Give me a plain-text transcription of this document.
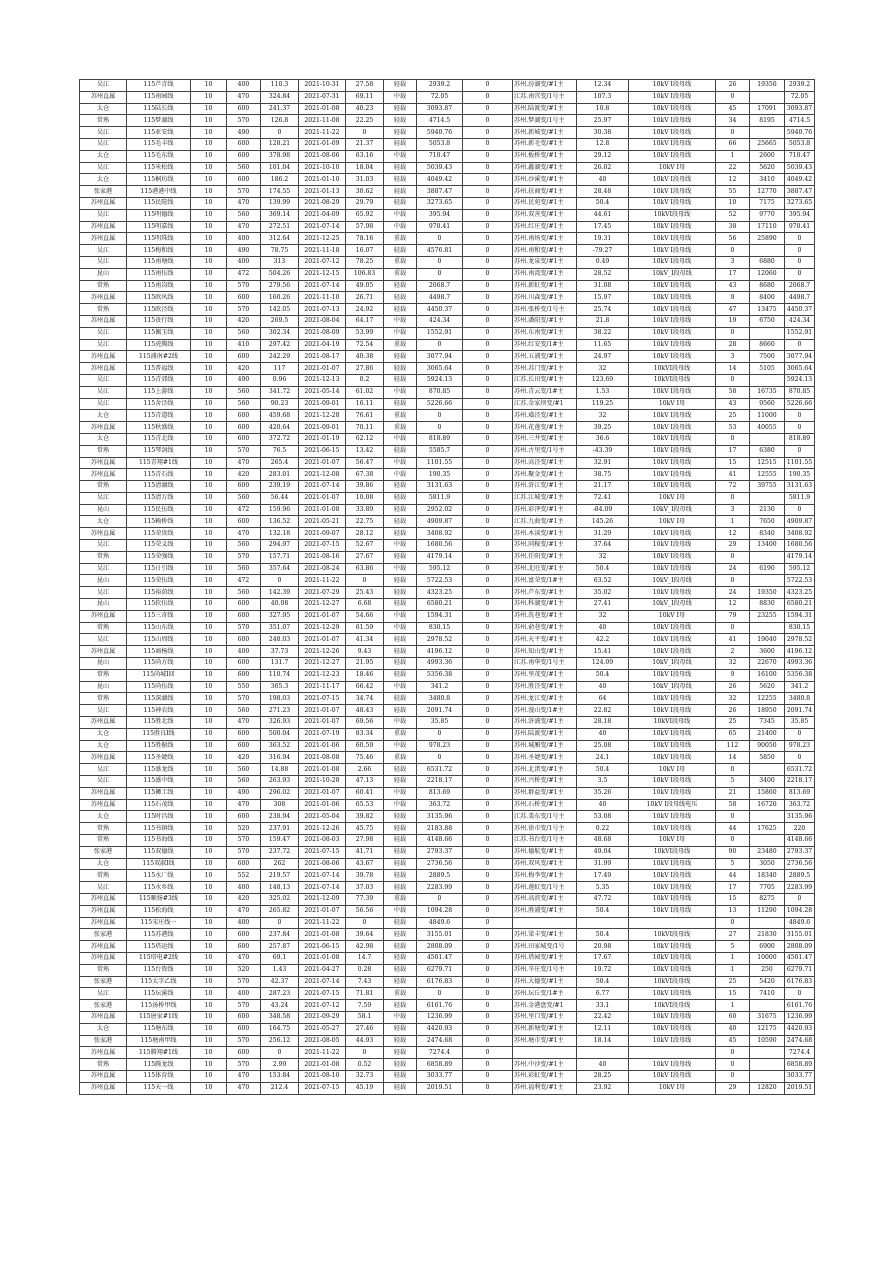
吴江	115芦青线	10	400	110.3	2021-10-31	27.58	轻载	2939.2	0	苏州.汾湖变/#1主	12.34	10kV Ⅰ段母线	26	19350	2939.2
苏州直属	115南园线	10	470	324.84	2021-07-31	69.11	中载	72.05	0	江苏.南宫变/1号主	107.3	10kV Ⅰ段母线	0		72.05
太仓	115陆长线	10	600	241.37	2021-01-08	40.23	轻载	3093.87	0	苏州.陆渡变/#1主	10.8	10kV Ⅰ段母线	45	17091	3093.87
常熟	115梦湖线	10	570	126.8	2021-11-08	22.25	轻载	4714.5	0	苏州.梦湖变/1号主	25.97	10kV Ⅰ段母线	34	8195	4714.5
吴江	115亚安线	10	490	0	2021-11-22	0	轻载	5940.76	0	苏州.新城变/#1主	30.38	10kV Ⅰ段母线	0		5940.76
吴江	115毛丰线	10	600	128.21	2021-01-09	21.37	轻载	5053.8	0	苏州.新毛变/#1主	12.8	10kV Ⅰ段母线	66	25665	5053.8
太仓	115毛东线	10	600	378.98	2021-08-06	63.16	中载	710.47	0	苏州.板桥变/#1主	29.12	10kV Ⅰ段母线	1	2600	710.47
吴江	115米松线	10	560	101.04	2021-10-10	18.04	轻载	5039.43	0	苏州.蠡湖变/#1主	26.02	10kV Ⅰ母	22	5620	5039.43
太仓	115桐坊线	10	600	186.2	2021-01-10	31.03	轻载	4049.42	0	苏州.沙溪变/#1主	40	10kV Ⅰ段母线	12	3410	4049.42
张家港	115港港中线	10	570	174.55	2021-01-13	30.62	轻载	3887.47	0	苏州.扶商变/#1主	28.48	10kV Ⅰ段母线	55	12770	3887.47
苏州直属	115民院线	10	470	139.99	2021-08-29	29.79	轻载	3273.65	0	苏州.民苑变/#1主	50.4	10kV Ⅰ段母线	10	7175	3273.65
吴江	115明德线	10	560	369.14	2021-04-09	65.92	中载	395.94	0	苏州.双善变/#1主	44.61	10kVⅠ段母线	52	9770	395.94
苏州直属	115明嘉线	10	470	272.51	2021-07-14	57.98	中载	978.41	0	苏州.红庄变/#1主	17.45	10kV Ⅰ段母线	38	17110	978.41
苏州直属	115明珠线	10	400	312.64	2021-12-25	78.16	重载	0	0	苏州.南场变/#1主	19.31	10kV Ⅰ段母线	56	25890	0
吴江	115梅和线	10	490	78.75	2021-11-18	16.07	轻载	4576.81	0	苏州.南和变/#1主	-79.27	10kV Ⅰ段母线	0		0
吴江	115南塘线	10	400	313	2021-07-12	78.25	重载	0	0	苏州.龙泉变/#1主	0.49	10kV Ⅰ段母线	3	6880	0
昆山	115南伍线	10	472	504.26	2021-12-15	106.83	重载	0	0	苏州.南湾变/#1主	28.52	10kV_Ⅰ段母线	17	12060	0
常熟	115南岗线	10	570	279.56	2021-07-14	49.05	轻载	2068.7	0	苏州.新虹变/#1主	31.08	10kV Ⅰ段母线	43	8680	2068.7
苏州直属	115欧风线	10	600	160.26	2021-11-10	26.71	轻载	4498.7	0	苏州.川森变/#1主	15.97	10kV Ⅰ段母线	9	8400	4498.7
常熟	115欧泾线	10	570	142.05	2021-07-13	24.92	轻载	4450.37	0	苏州.张桥变/1号主	25.74	10kV Ⅰ段母线	47	13475	4450.37
苏州直属	115贵行线	10	420	269.5	2021-08-04	64.17	中载	424.34	0	苏州.潘阳变/#1主	21.8	10kV Ⅰ段母线	19	6750	424.34
吴江	115佩玉线	10	560	302.34	2021-08-09	53.99	中载	1552.91	0	苏州.东南变/#1主	38.22	10kV Ⅰ段母线	0		1552.91
吴江	115虎腾线	10	410	297.42	2021-04-19	72.54	重载	0	0	苏州.红安变/1#主	11.65	10kV Ⅰ段母线	28	8660	0
苏州直属	115浦南#2线	10	600	242.29	2021-08-17	40.38	轻载	3077.94	0	苏州.五浦变/#1主	24.97	10kV Ⅰ段母线	3	7500	3077.94
苏州直属	115普福线	10	420	117	2021-01-07	27.86	轻载	3065.64	0	苏州.苏门变/#1主	32	10kVⅠ段母线	14	5105	3065.64
吴江	115青郊线	10	490	0.96	2021-12-13	0.2	轻载	5924.13	0	江苏.长田变/#1主	123.69	10kVⅠ段母线	0		5924.13
吴江	115上游线	10	560	341.72	2021-05-14	61.02	中载	870.85	0	苏州.青云变/1#主	1.53	10kV Ⅰ段母线	58	16735	870.85
吴江	115舍泾线	10	560	90.23	2021-09-01	16.11	轻载	5226.66	0	江苏.金家坝变/#1	119.25	10kV Ⅰ母	43	9560	5226.66
太仓	115青道线	10	600	459.68	2021-12-28	76.61	重载	0	0	苏州.璜泾变/#1主	32	10kV Ⅰ段母线	25	11000	0
苏州直属	115秋盛线	10	600	420.64	2021-09-01	70.11	重载	0	0	苏州.花莲变/#1主	39.25	10kV Ⅰ段母线	53	40055	0
太仓	115青北线	10	600	372.72	2021-01-19	62.12	中载	818.89	0	苏州.三井变/#1主	36.6	10kV Ⅰ段母线	0		818.89
常熟	115琴剑线	10	570	76.5	2021-06-15	13.42	轻载	5585.7	0	苏州.古里变/1号主	-43.39	10kV Ⅰ段母线	17	6380	0
苏州直属	115青翔#1线	10	470	265.4	2021-01-07	56.47	中载	1101.55	0	苏州.高泾变/#1主	32.91	10kV Ⅰ段母线	15	12515	1101.55
苏州直属	115青石线	10	420	283.01	2021-12-08	67.38	中载	190.35	0	苏州.聚金变/#1主	38.75	10kV Ⅰ段母线	41	12555	190.35
常熟	115清湖线	10	600	239.19	2021-07-14	39.86	轻载	3131.63	0	苏州.浒江变/#1主	21.17	10kV Ⅰ段母线	72	39755	3131.63
吴江	115清万线	10	560	56.44	2021-01-07	10.08	轻载	5811.9	0	江苏.江城变/#1主	72.41	10kV Ⅰ母	0		5811.9
昆山	115民伍线	10	472	159.96	2021-01-08	33.89	轻载	2952.02	0	苏州.彩泽变/#1主	-84.09	10kV_Ⅰ段母线	3	2130	0
太仓	115赖桥线	10	600	136.52	2021-05-21	22.75	轻载	4909.87	0	江苏.九曲变/#1主	145.26	10kV Ⅰ母	1	7650	4909.87
苏州直属	115荣贵线	10	470	132.18	2021-09-07	28.12	轻载	3408.92	0	苏州.木渎变/#1主	31.29	10kV Ⅰ段母线	12	8340	3408.92
吴江	115荣义线	10	560	294.97	2021-07-15	52.67	中载	1680.56	0	苏州.同稼变/#1主	37.64	10kV Ⅰ段母线	29	13400	1680.56
常熟	115荣强线	10	570	157.71	2021-08-16	27.67	轻载	4179.14	0	苏州.任阳变/#1主	32	10kV Ⅰ段母线	0		4179.14
吴江	115日引线	10	560	357.64	2021-08-24	63.86	中载	595.12	0	苏州.北旺变/#1主	50.4	10kV Ⅰ段母线	24	6190	595.12
昆山	115荣伍线	10	472	0	2021-11-22	0	轻载	5722.53	0	苏州.富荣变/1#主	63.52	10kV_Ⅰ段母线	0		5722.53
吴江	115裕荫线	10	560	142.39	2021-07-29	25.43	轻载	4323.25	0	苏州.芦东变/#1主	35.02	10kV Ⅰ段母线	24	19350	4323.25
昆山	115软伍线	10	600	40.08	2021-12-27	6.68	轻载	6580.21	0	苏州.科湖变/#1主	27.41	10kV_Ⅰ段母线	12	8830	6580.21
苏州直属	115三奇线	10	600	327.95	2021-01-07	54.66	中载	1594.31	0	苏州.洗巷变/#1主	32	10kV Ⅰ母	79	23255	1594.31
常熟	115山东线	10	570	351.07	2021-12-29	61.59	中载	830.15	0	苏州.俞巷变/#1主	40	10kV Ⅰ段母线	0		830.15
吴江	115山周线	10	600	248.03	2021-01-07	41.34	轻载	2978.52	0	苏州.天平变/#1主	42.2	10kV Ⅰ段母线	41	19040	2978.52
苏州直属	115商杨线	10	400	37.73	2021-12-26	9.43	轻载	4196.12	0	苏州.知山变/#1主	15.41	10kV Ⅰ段母线	2	3600	4196.12
昆山	115尚方线	10	600	131.7	2021-12-27	21.95	轻载	4993.36	0	江苏.南华变/1号主	124.09	10kV_Ⅰ段母线	32	22670	4993.36
常熟	115尚城Ⅰ回	10	600	110.74	2021-12-23	18.46	轻载	5356.38	0	苏州.里茂变/#1主	50.4	10kV Ⅰ段母线	9	16100	5356.38
昆山	115尚伍线	10	550	365.3	2021-11-17	66.42	中载	341.2	0	苏州.胜泾变/#1主	40	10kV_Ⅰ段母线	26	5620	341.2
常熟	115深湖线	10	570	198.03	2021-07-15	34.74	轻载	3480.8	0	苏州.龙江变/#1主	64	10kV Ⅰ段母线	32	12255	3480.8
吴江	115神农线	10	560	271.23	2021-01-07	48.43	轻载	2091.74	0	苏州.漫山变/1#主	22.82	10kV Ⅰ段母线	26	18950	2091.74
苏州直属	115胜北线	10	470	326.93	2021-01-07	69.56	中载	35.85	0	苏州.浒浦变/#1主	28.18	10kVⅠ段母线	25	7345	35.85
太仓	115胜良Ⅰ线	10	600	500.04	2021-07-19	83.34	重载	0	0	苏州.陆渡变/#1主	40	10kV Ⅰ段母线	65	21400	0
太仓	115胜振线	10	600	363.52	2021-01-06	60.59	中载	978.23	0	苏州.城厢变/#1主	25.08	10kV Ⅰ段母线	112	90050	978.23
苏州直属	115圣婕线	10	420	316.94	2021-08-08	75.46	重载	0	0	苏州.圣婕变/#1主	24.1	10kV Ⅰ段母线	14	5850	0
吴江	115盛龙线	10	560	14.88	2021-01-08	2.66	轻载	6531.72	0	苏州.北渚变/#1主	50.4	10kV Ⅰ母	0		6531.72
吴江	115盛中线	10	560	263.93	2021-10-28	47.13	轻载	2218.17	0	苏州.兴桥变/#1主	3.5	10kV Ⅰ段母线	5	3400	2218.17
苏州直属	115狮工线	10	490	296.02	2021-01-07	60.41	中载	813.69	0	苏州.群益变/#1主	35.26	10kV Ⅰ段母线	21	15860	813.69
苏州直属	115石茂线	10	470	308	2021-01-06	65.53	中载	363.72	0	苏州.石桥变/#1主	40	10kV Ⅰ段母线电压	58	16720	363.72
太仓	115时昌线	10	600	238.94	2021-05-04	39.82	轻载	3135.96	0	江苏.娄东变/1号主	53.08	10kV Ⅰ段母线	0		3135.96
常熟	115书镇线	10	520	237.91	2021-12-26	45.75	轻载	2183.88	0	苏州.徐市变/1号主	0.22	10kV Ⅰ段母线	44	17625	220
常熟	115书海线	10	570	159.47	2021-08-03	27.98	轻载	4148.66	0	江苏.书台变/1号主	48.68	10kV Ⅰ母	0		4148.66
张家港	115双德线	10	570	237.72	2021-07-15	41.71	轻载	2793.37	0	苏州.德航变/#1主	49.04	10kVⅠ段母线	90	23480	2793.37
太仓	115双淑Ⅰ线	10	600	262	2021-08-06	43.67	轻载	2736.56	0	苏州.双风变/#1主	31.99	10kV Ⅰ段母线	5	3050	2736.56
常熟	115水厂线	10	552	219.57	2021-07-14	39.78	轻载	2889.5	0	苏州.梅李变/#1主	17.49	10kV Ⅰ段母线	44	18340	2889.5
吴江	115水乡线	10	400	148.13	2021-07-14	37.03	轻载	2283.99	0	苏州.莲虹变/1号主	5.35	10kV Ⅰ段母线	17	7705	2283.99
苏州直属	115顺扬#3线	10	420	325.02	2021-12-09	77.39	重载	0	0	苏州.高滨变/#1主	47.72	10kV Ⅰ段母线	15	8275	0
苏州直属	115松海线	10	470	265.82	2021-01-07	56.56	中载	1094.28	0	苏州.胜浦变/#1主	50.4	10kV Ⅰ段母线	13	11290	1094.28
苏州直属	115宋庄线一	10	400	0	2021-11-22	0	轻载	4849.6	0				0		4849.6
张家港	115苏港线	10	600	237.84	2021-01-08	39.64	轻载	3155.01	0	苏州.梁丰变/#1主	50.4	10kVⅠ段母线	27	21830	3155.01
苏州直属	115塔运线	10	600	257.87	2021-06-15	42.98	轻载	2808.09	0	苏州.田家城变/1号	20.98	10kV Ⅰ段母线	5	6900	2808.09
苏州直属	115塔电#2线	10	470	69.1	2021-01-08	14.7	轻载	4501.47	0	苏州.塔园变/#1主	17.67	10kV Ⅰ段母线	1	10000	4501.47
常熟	115台资线	10	520	1.43	2021-04-27	0.28	轻载	6279.71	0	苏州.辛庄变/1号主	19.72	10kV Ⅰ段母线	1	250	6279.71
张家港	115太字乙线	10	570	42.37	2021-07-14	7.43	轻载	6176.83	0	苏州.大德变/#1主	50.4	10kVⅠ段母线	25	5420	6176.83
吴江	115坛溪线	10	400	287.23	2021-07-15	71.81	重载	0	0	苏州.坛丘变/1#主	6.77	10kV Ⅰ段母线	15	7410	0
张家港	115汤桥甲线	10	570	43.24	2021-07-12	7.59	轻载	6161.76	0	苏州.金港盘变/#1	33.1	10kVⅠ段母线	1		6161.76
苏州直属	115唐家#1线	10	600	348.58	2021-09-29	58.1	中载	1236.99	0	苏州.里口变/#1主	22.42	10kV Ⅰ段母线	60	31675	1236.99
太仓	115塘东线	10	600	164.75	2021-05-27	27.46	轻载	4420.93	0	苏州.新塘变/#1主	12.11	10kV Ⅰ段母线	40	12175	4420.93
张家港	115塘南甲线	10	570	256.12	2021-08-05	44.93	轻载	2474.68	0	苏州.塘市变/#1主	18.14	10kV Ⅰ段母线	45	10590	2474.68
苏州直属	115腾翔#1线	10	600	0	2021-11-22	0	轻载	7274.4	0				0		7274.4
常熟	115腾龙线	10	570	2.99	2021-01-08	0.52	轻载	6858.89	0	苏州.中沙变/#1主	40	10kV Ⅰ段母线	0		6858.89
苏州直属	115体育线	10	470	153.84	2021-08-10	32.73	轻载	3033.77	0	苏州.彩虹变/#1主	28.25	10kV Ⅰ段母线	0		3033.77
苏州直属	115天一线	10	470	212.4	2021-07-15	45.19	轻载	2019.51	0	苏州.福利变/#1主	23.92	10kV Ⅰ母	29	12820	2019.51
